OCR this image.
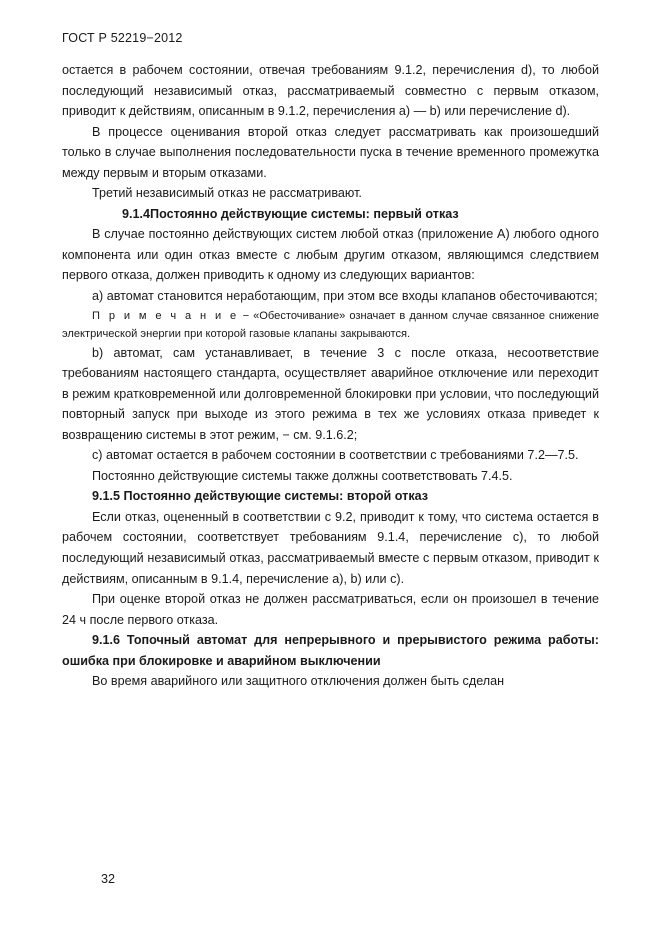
ГОСТ Р 52219−2012

остается в рабочем состоянии, отвечая требованиям 9.1.2, перечисления d), то любой последующий независимый отказ, рассматриваемый совместно с первым отказом, приводит к действиям, описанным в 9.1.2, перечисления a) — b) или перечисление d).

В процессе оценивания второй отказ следует рассматривать как произошедший только в случае выполнения последовательности пуска в течение временного промежутка между первым и вторым отказами.

Третий независимый отказ не рассматривают.

9.1.4Постоянно действующие системы: первый отказ

В случае постоянно действующих систем любой отказ (приложение А) любого одного компонента или один отказ вместе с любым другим отказом, являющимся следствием первого отказа, должен приводить к одному из следующих вариантов:

a) автомат становится неработающим, при этом все входы клапанов обесточиваются;

П р и м е ч а н и е − «Обесточивание» означает в данном случае связанное снижение электрической энергии при которой газовые клапаны закрываются.

b) автомат, сам устанавливает, в течение 3 с после отказа, несоответствие требованиям настоящего стандарта, осуществляет аварийное отключение или переходит в режим кратковременной или долговременной блокировки при условии, что последующий повторный запуск при выходе из этого режима в тех же условиях отказа приведет к возвращению системы в этот режим, − см. 9.1.6.2;

c) автомат остается в рабочем состоянии в соответствии с требованиями 7.2—7.5.

Постоянно действующие системы также должны соответствовать 7.4.5.

9.1.5 Постоянно действующие системы: второй отказ

Если отказ, оцененный в соответствии с 9.2, приводит к тому, что система остается в рабочем состоянии, соответствует требованиям 9.1.4, перечисление c), то любой последующий независимый отказ, рассматриваемый вместе с первым отказом, приводит к действиям, описанным в 9.1.4, перечисление a), b) или c).

При оценке второй отказ не должен рассматриваться, если он произошел в течение 24 ч после первого отказа.

9.1.6 Топочный автомат для непрерывного и прерывистого режима работы: ошибка при блокировке и аварийном выключении

Во время аварийного или защитного отключения должен быть сделан

32
